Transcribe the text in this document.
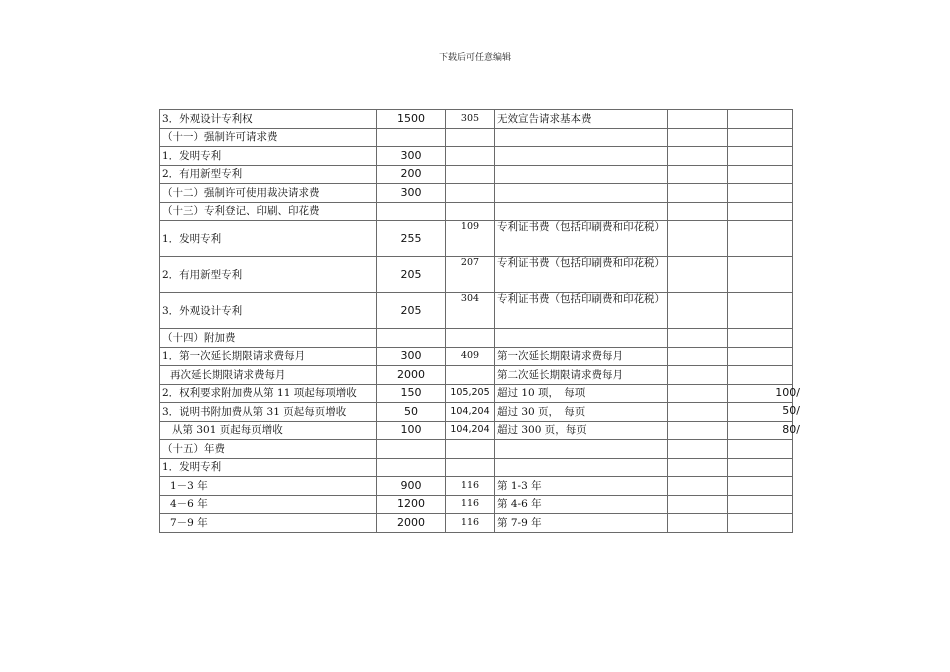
下载后可任意编辑
3．外观设计专利权	1500	305	无效宣告请求基本费		

（十一）强制许可请求费					

1．发明专利	300				

2．有用新型专利	200				

（十二）强制许可使用裁决请求费	300				

（十三）专利登记、印刷、印花费					

1．发明专利	255	109	专利证书费（包括印刷费和印花税）		

2．有用新型专利	205	207	专利证书费（包括印刷费和印花税）		

3．外观设计专利	205	304	专利证书费（包括印刷费和印花税）		

（十四）附加费					

1．第一次延长期限请求费每月	300	409	第一次延长期限请求费每月		

再次延长期限请求费每月	2000		第二次延长期限请求费每月		

2．权利要求附加费从第 11 项起每项增收	150	105,205	超过 10 项，　每项		100/

3．说明书附加费从第 31 页起每页增收	50	104,204	超过 30 页，　每页		50/

从第 301 页起每页增收	100	104,204	超过 300 页，每页		80/

（十五）年费					

1．发明专利					

1－3 年	900	116	第 1-3 年		

4－6 年	1200	116	第 4-6 年		

7－9 年	2000	116	第 7-9 年		
